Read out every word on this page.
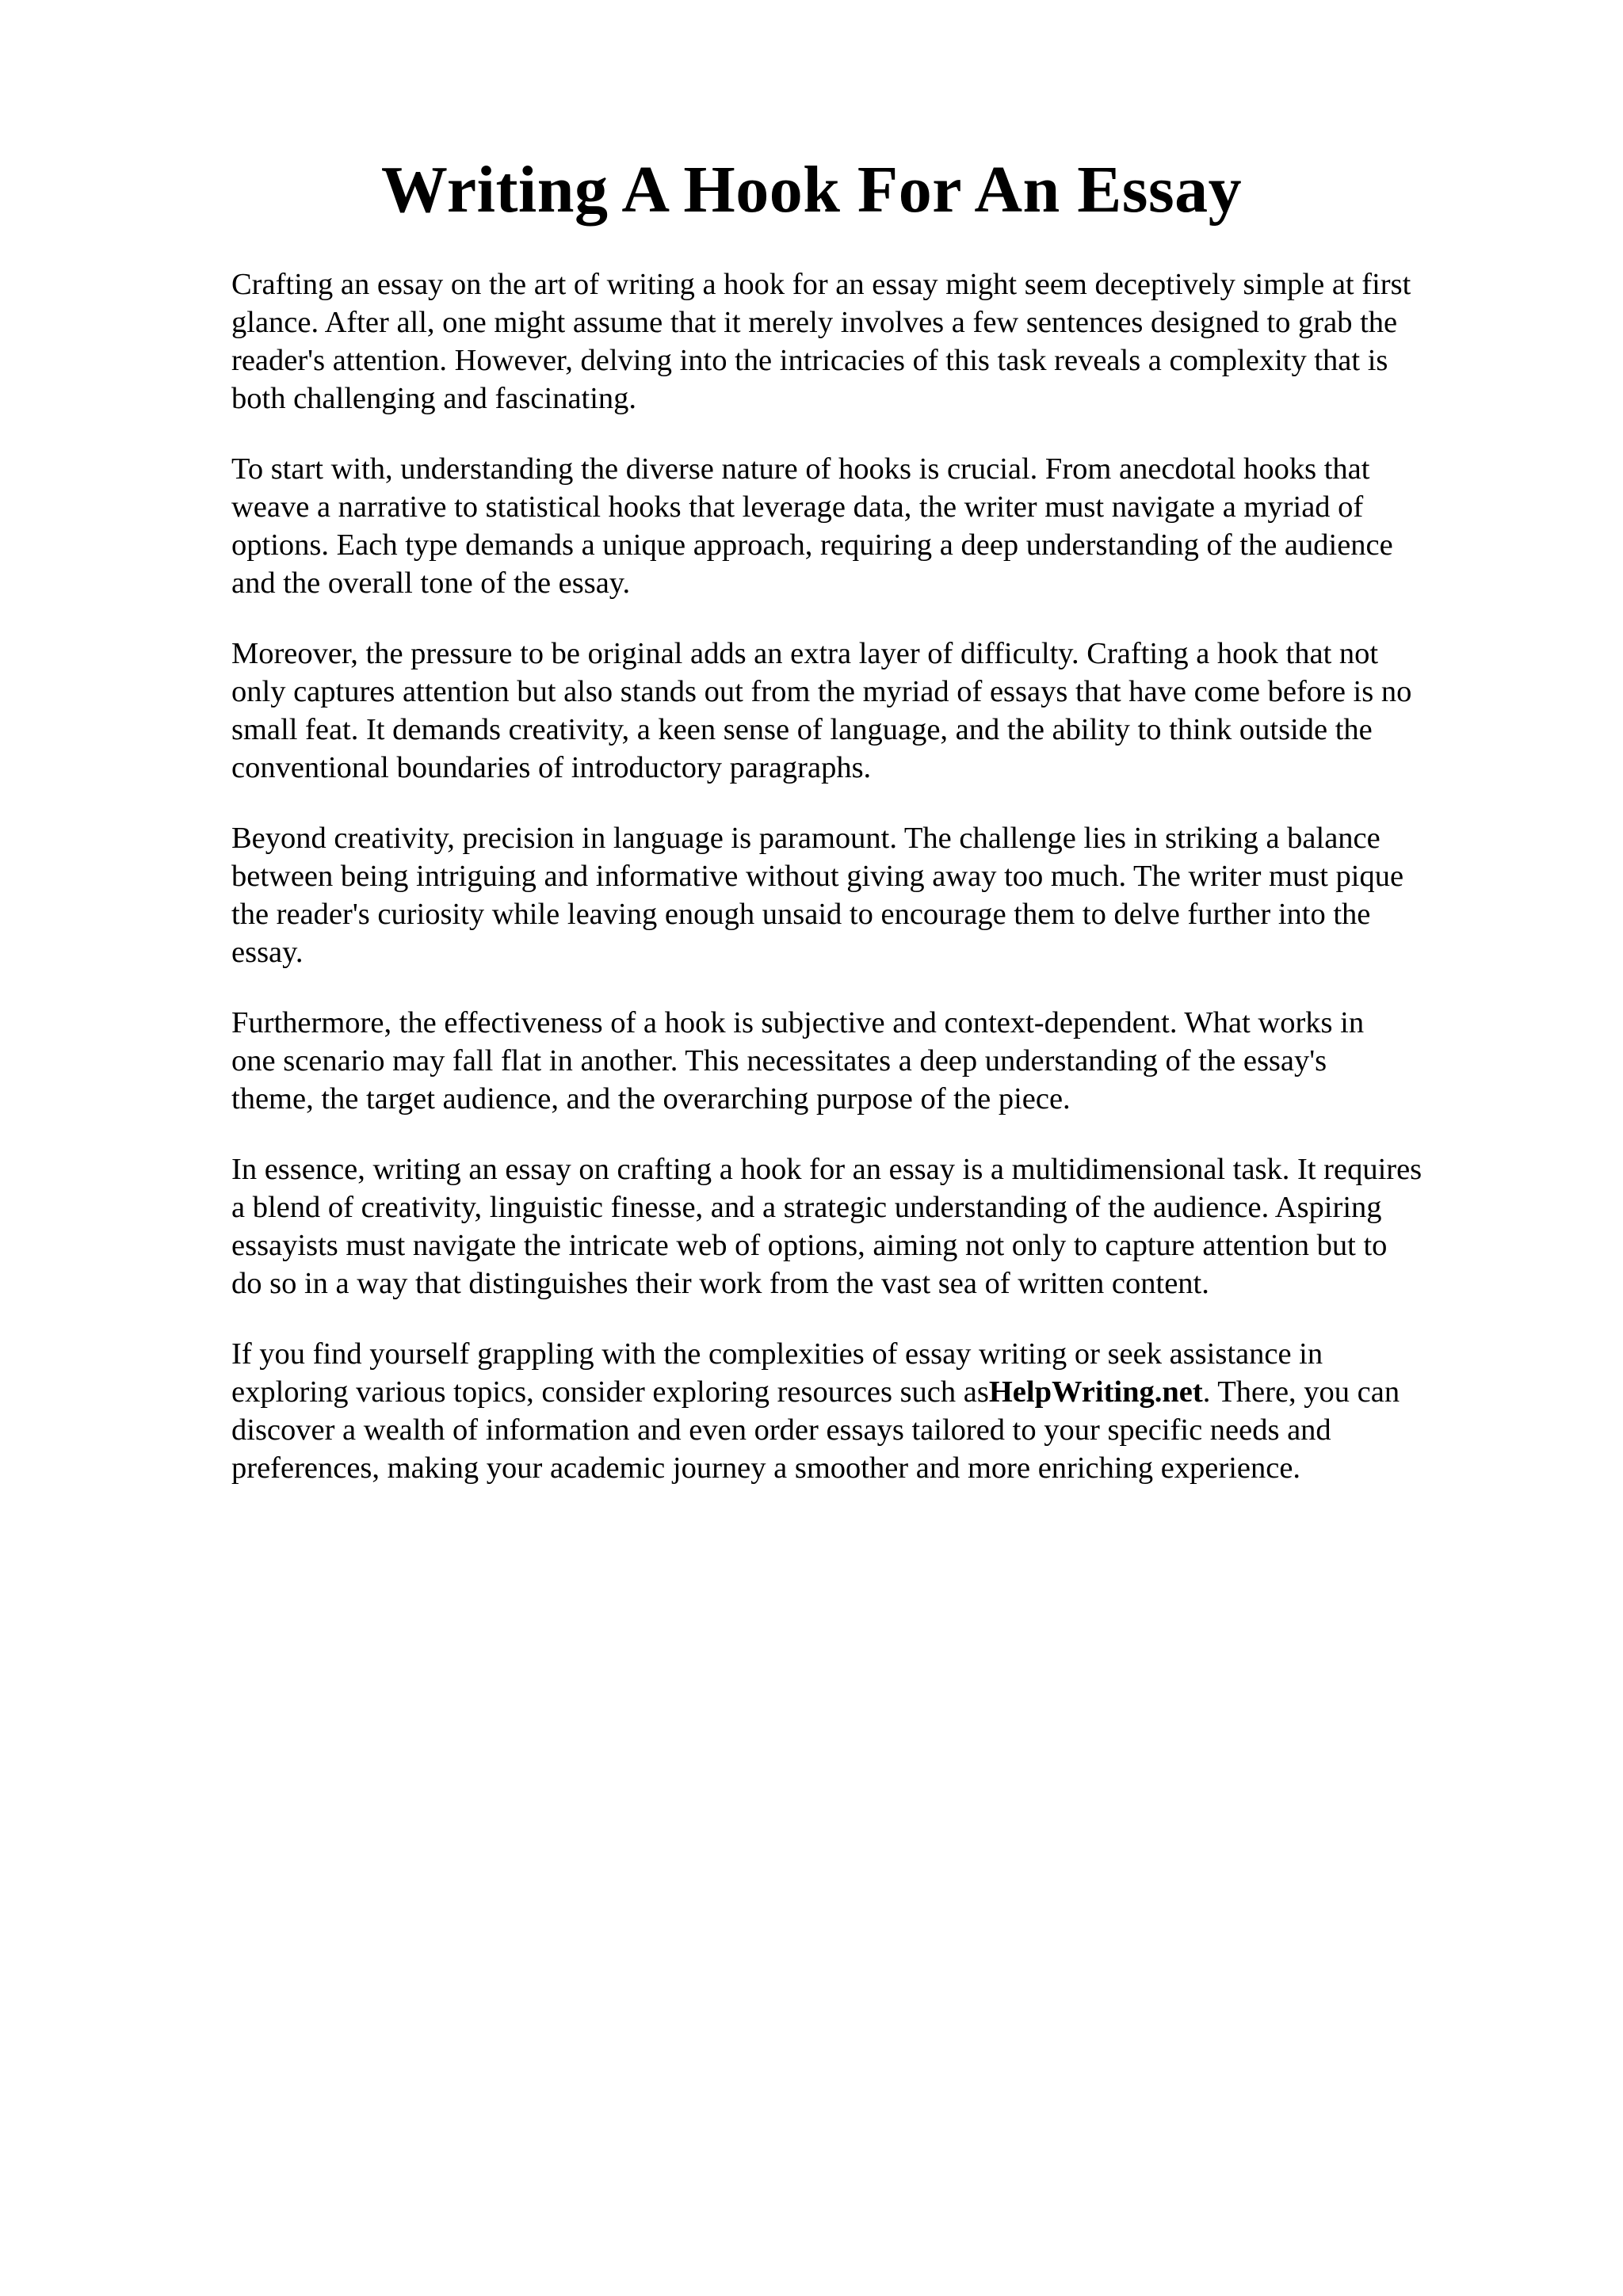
Writing A Hook For An Essay

Crafting an essay on the art of writing a hook for an essay might seem deceptively simple at first
glance. After all, one might assume that it merely involves a few sentences designed to grab the
reader's attention. However, delving into the intricacies of this task reveals a complexity that is
both challenging and fascinating.

To start with, understanding the diverse nature of hooks is crucial. From anecdotal hooks that
weave a narrative to statistical hooks that leverage data, the writer must navigate a myriad of
options. Each type demands a unique approach, requiring a deep understanding of the audience
and the overall tone of the essay.

Moreover, the pressure to be original adds an extra layer of difficulty. Crafting a hook that not
only captures attention but also stands out from the myriad of essays that have come before is no
small feat. It demands creativity, a keen sense of language, and the ability to think outside the
conventional boundaries of introductory paragraphs.

Beyond creativity, precision in language is paramount. The challenge lies in striking a balance
between being intriguing and informative without giving away too much. The writer must pique
the reader's curiosity while leaving enough unsaid to encourage them to delve further into the
essay.

Furthermore, the effectiveness of a hook is subjective and context-dependent. What works in
one scenario may fall flat in another. This necessitates a deep understanding of the essay's
theme, the target audience, and the overarching purpose of the piece.

In essence, writing an essay on crafting a hook for an essay is a multidimensional task. It requires
a blend of creativity, linguistic finesse, and a strategic understanding of the audience. Aspiring
essayists must navigate the intricate web of options, aiming not only to capture attention but to
do so in a way that distinguishes their work from the vast sea of written content.

If you find yourself grappling with the complexities of essay writing or seek assistance in
exploring various topics, consider exploring resources such asHelpWriting.net. There, you can
discover a wealth of information and even order essays tailored to your specific needs and
preferences, making your academic journey a smoother and more enriching experience.
